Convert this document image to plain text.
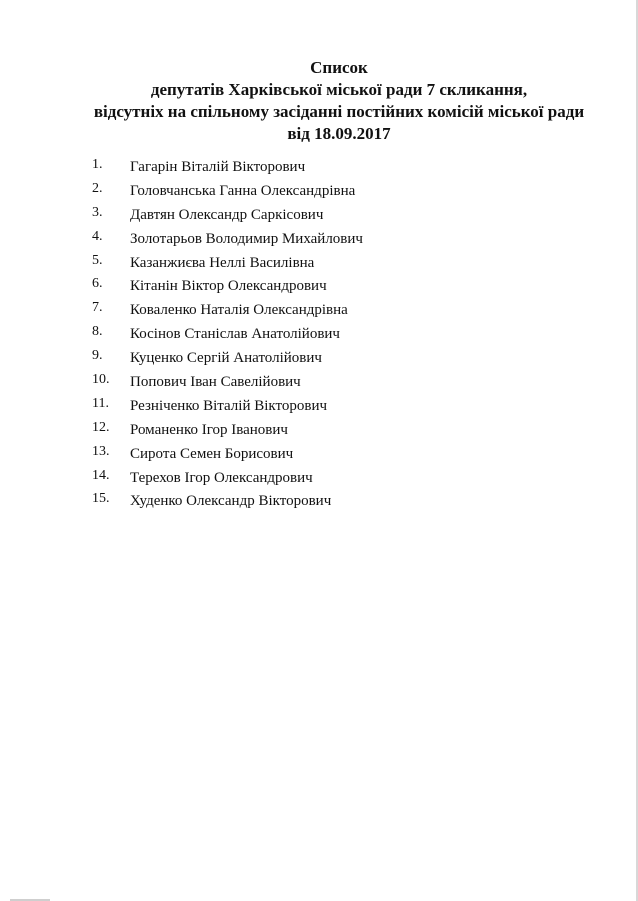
Список
депутатів Харківської міської ради 7 скликання,
відсутніх на спільному засіданні постійних комісій міської ради
від 18.09.2017
1. Гагарін Віталій Вікторович
2. Головчанська Ганна Олександрівна
3. Давтян Олександр Саркісович
4. Золотарьов Володимир Михайлович
5. Казанжиєва Неллі Василівна
6. Кітанін Віктор Олександрович
7. Коваленко Наталія Олександрівна
8. Косінов Станіслав Анатолійович
9. Куценко Сергій Анатолійович
10. Попович Іван Савелійович
11. Резніченко Віталій Вікторович
12. Романенко Ігор Іванович
13. Сирота Семен Борисович
14. Терехов Ігор Олександрович
15. Худенко Олександр Вікторович
